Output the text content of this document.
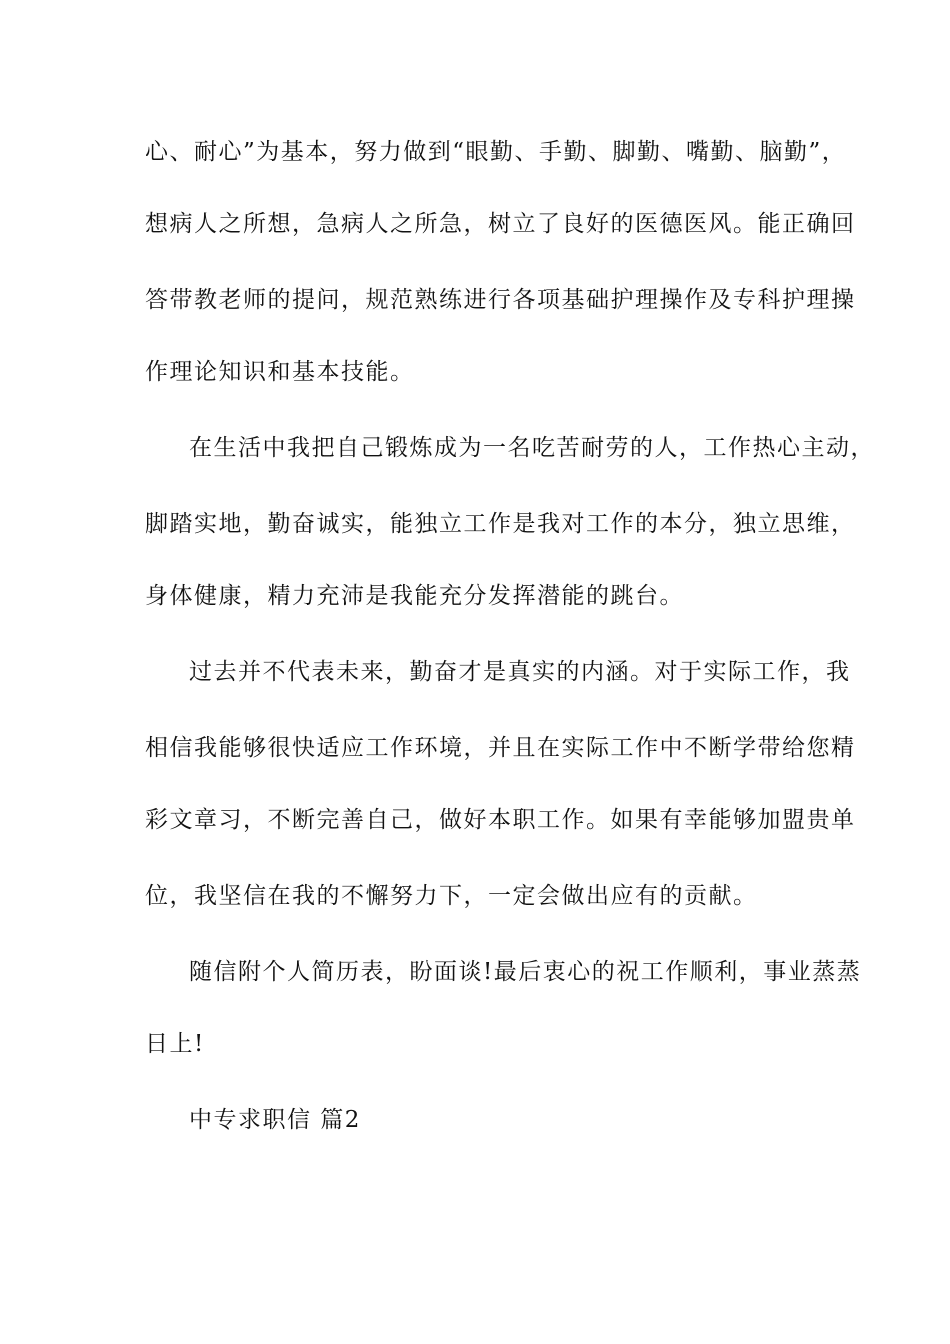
心、耐心”为基本，努力做到“眼勤、手勤、脚勤、嘴勤、脑勤”，
想病人之所想，急病人之所急，树立了良好的医德医风。能正确回
答带教老师的提问，规范熟练进行各项基础护理操作及专科护理操
作理论知识和基本技能。
在生活中我把自己锻炼成为一名吃苦耐劳的人，工作热心主动，
脚踏实地，勤奋诚实，能独立工作是我对工作的本分，独立思维，
身体健康，精力充沛是我能充分发挥潜能的跳台。
过去并不代表未来，勤奋才是真实的内涵。对于实际工作，我
相信我能够很快适应工作环境，并且在实际工作中不断学带给您精
彩文章习，不断完善自己，做好本职工作。如果有幸能够加盟贵单
位，我坚信在我的不懈努力下，一定会做出应有的贡献。
随信附个人简历表，盼面谈!最后衷心的祝工作顺利，事业蒸蒸
日上!
中专求职信 篇2
